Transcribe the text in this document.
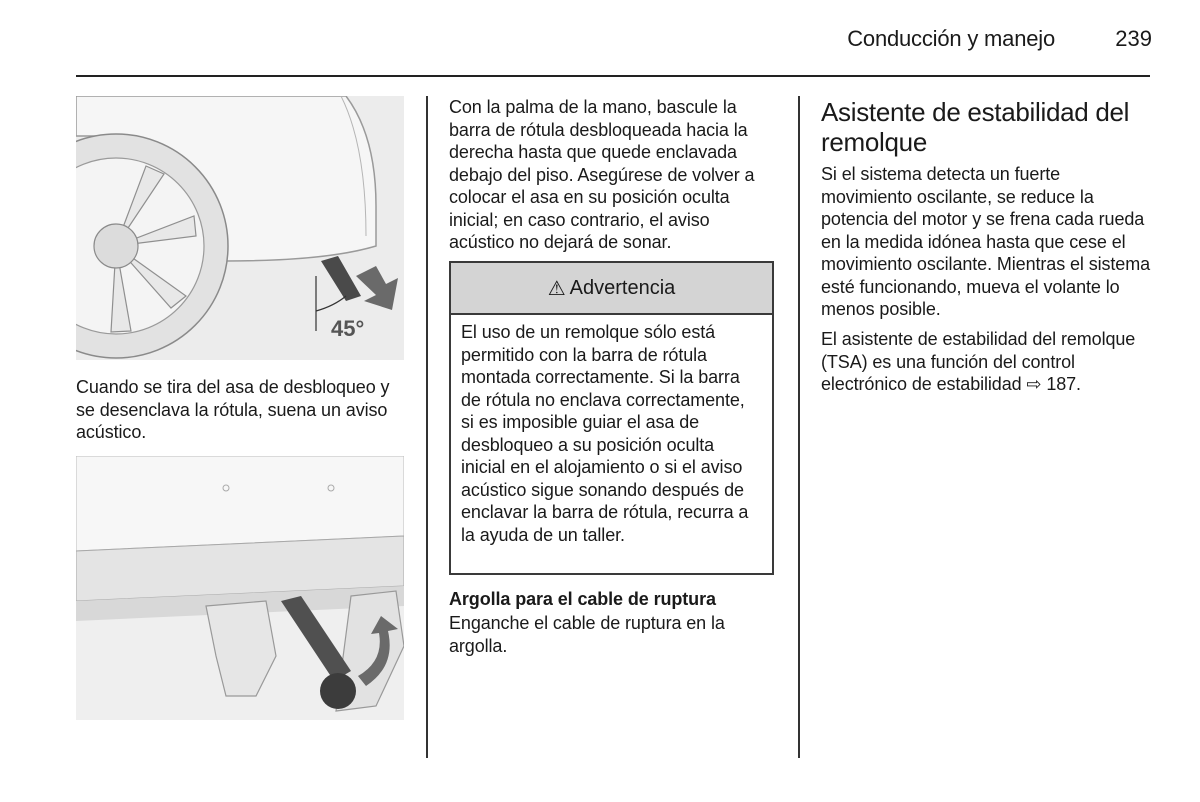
Conducción y manejo	239
45°
Cuando se tira del asa de desbloqueo y se desenclava la rótula, suena un aviso acústico.
Con la palma de la mano, bascule la barra de rótula desbloqueada hacia la derecha hasta que quede enclavada debajo del piso. Asegúrese de volver a colocar el asa en su posición oculta inicial; en caso contrario, el aviso acústico no dejará de sonar.
⚠ Advertencia
El uso de un remolque sólo está permitido con la barra de rótula montada correctamente. Si la barra de rótula no enclava correctamente, si es imposible guiar el asa de desbloqueo a su posición oculta inicial en el alojamiento o si el aviso acústico sigue sonando después de enclavar la barra de rótula, recurra a la ayuda de un taller.
Argolla para el cable de ruptura
Enganche el cable de ruptura en la argolla.
Asistente de estabilidad del remolque
Si el sistema detecta un fuerte movimiento oscilante, se reduce la potencia del motor y se frena cada rueda en la medida idónea hasta que cese el movimiento oscilante. Mientras el sistema esté funcionando, mueva el volante lo menos posible.
El asistente de estabilidad del remolque (TSA) es una función del control electrónico de estabilidad ⇨ 187.
